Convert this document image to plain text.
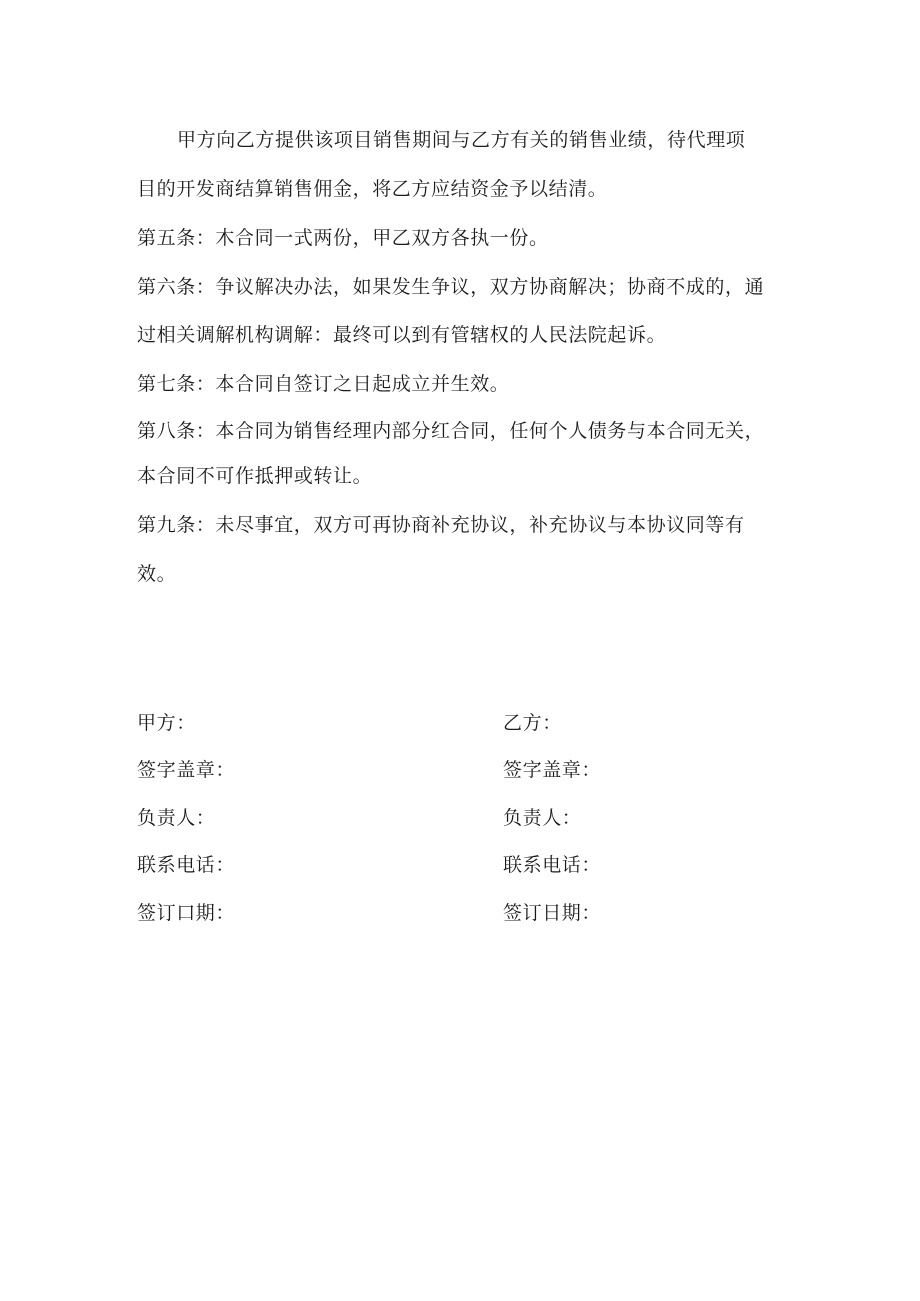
甲方向乙方提供该项目销售期间与乙方有关的销售业绩，待代理项
目的开发商结算销售佣金，将乙方应结资金予以结清。
第五条：木合同一式两份，甲乙双方各执一份。
第六条：争议解决办法，如果发生争议，双方协商解决；协商不成的，通
过相关调解机构调解：最终可以到有管辖权的人民法院起诉。
第七条：本合同自签订之日起成立并生效。
第八条：本合同为销售经理内部分红合同，任何个人债务与本合同无关，
本合同不可作抵押或转让。
第九条：未尽事宜，双方可再协商补充协议，补充协议与本协议同等有
效。
甲方：
签字盖章：
负责人：
联系电话：
签订口期：
乙方：
签字盖章：
负责人：
联系电话：
签订日期：
